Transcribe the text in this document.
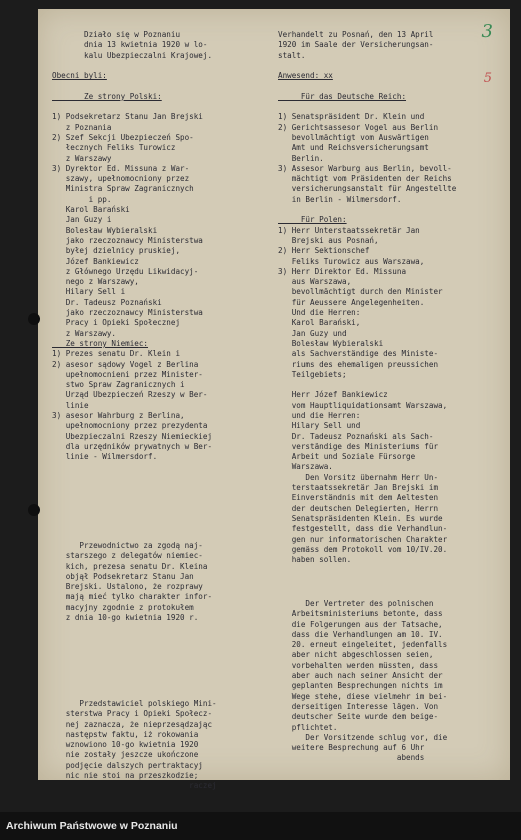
3
5
Działo się w Poznaniu
dnia 13 kwietnia 1920 w lo-
kalu Ubezpieczalni Krajowej.
Obecni byli:
Ze strony Polski:
1) Podsekretarz Stanu Jan Brejski
z Poznania
2) Szef Sekcji Ubezpieczeń Spo-
łecznych Feliks Turowicz
z Warszawy
3) Dyrektor Ed. Missuna z War-
szawy, upełnomocniony przez
Ministra Spraw Zagranicznych
i pp.
Karol Barański
Jan Guzy i
Bolesław Wybieralski
jako rzeczoznawcy Ministerstwa
byłej dzielnicy pruskiej,
Józef Bankiewicz
z Głównego Urzędu Likwidacyj-
nego z Warszawy,
Hilary Sell i
Dr. Tadeusz Poznański
jako rzeczoznawcy Ministerstwa
Pracy i Opieki Społecznej
z Warszawy.
Ze strony Niemiec:
1) Prezes senatu Dr. Klein i
2) asesor sądowy Vogel z Berlina
upełnomocnieni przez Minister-
stwo Spraw Zagranicznych i
Urząd Ubezpieczeń Rzeszy w Ber-
linie
3) asesor Wahrburg z Berlina,
upełnomocniony przez prezydenta
Ubezpieczalni Rzeszy Niemieckiej
dla urzędników prywatnych w Ber-
linie - Wilmersdorf.
Verhandelt zu Posnań, den 13 April
1920 im Saale der Versicherungsan-
stalt.
Anwesend: xx
Für das Deutsche Reich:
1) Senatspräsident Dr. Klein und
2) Gerichtsassesor Vogel aus Berlin
bevollmächtigt vom Auswärtigen
Amt und Reichsversicherungsamt
Berlin.
3) Assesor Warburg aus Berlin, bevoll-
mächtigt vom Präsidenten der Reichs
versicherungsanstalt für Angestellte
in Berlin - Wilmersdorf.
Für Polen:
1) Herr Unterstaatssekretär Jan
Brejski aus Posnań,
2) Herr Sektionschef
Feliks Turowicz aus Warszawa,
3) Herr Direktor Ed. Missuna
aus Warszawa,
bevollmächtigt durch den Minister
für Aeussere Angelegenheiten.
Und die Herren:
Karol Barański,
Jan Guzy und
Bolesław Wybieralski
als Sachverständige des Ministe-
riums des ehemaligen preussichen
Teilgebiets;
Herr Józef Bankiewicz
vom Hauptliquidationsamt Warszawa,
und die Herren:
Hilary Sell und
Dr. Tadeusz Poznański als Sach-
verständige des Ministeriums für
Arbeit und Soziale Fürsorge
Warszawa.
Den Vorsitz übernahm Herr Un-
terstaatssekretär Jan Brejski im
Einverständnis mit dem Aeltesten
der deutschen Delegierten, Herrn
Senatspräsidenten Klein. Es wurde
festgestellt, dass die Verhandlun-
gen nur informatorischen Charakter
gemäss dem Protokoll vom 10/IV.20.
haben sollen.
Przewodnictwo za zgodą naj-
starszego z delegatów niemiec-
kich, prezesa senatu Dr. Kleina
objął Podsekretarz Stanu Jan
Brejski. Ustalono, że rozprawy
mają mieć tylko charakter infor-
macyjny zgodnie z protokułem
z dnia 10-go kwietnia 1920 r.
Der Vertreter des polnischen
Arbeitsministeriums betonte, dass
die Folgerungen aus der Tatsache,
dass die Verhandlungen am 10. IV.
20. erneut eingeleitet, jedenfalls
aber nicht abgeschlossen seien,
vorbehalten werden müssten, dass
aber auch nach seiner Ansicht der
geplanten Besprechungen nichts im
Wege stehe, diese vielmehr im bei-
derseitigen Interesse lägen. Von
deutscher Seite wurde dem beige-
pflichtet.
Der Vorsitzende schlug vor, die
weitere Besprechung auf 6 Uhr
abends
Przedstawiciel polskiego Mini-
sterstwa Pracy i Opieki Społecz-
nej zaznacza, że nieprzesądzając
następstw faktu, iż rokowania
wznowiono 10-go kwietnia 1920
nie zostały jeszcze ukończone
podjęcie dalszych pertraktacyj
nic nie stoi na przeszkodzie;
raczej
Archiwum Państwowe w Poznaniu
